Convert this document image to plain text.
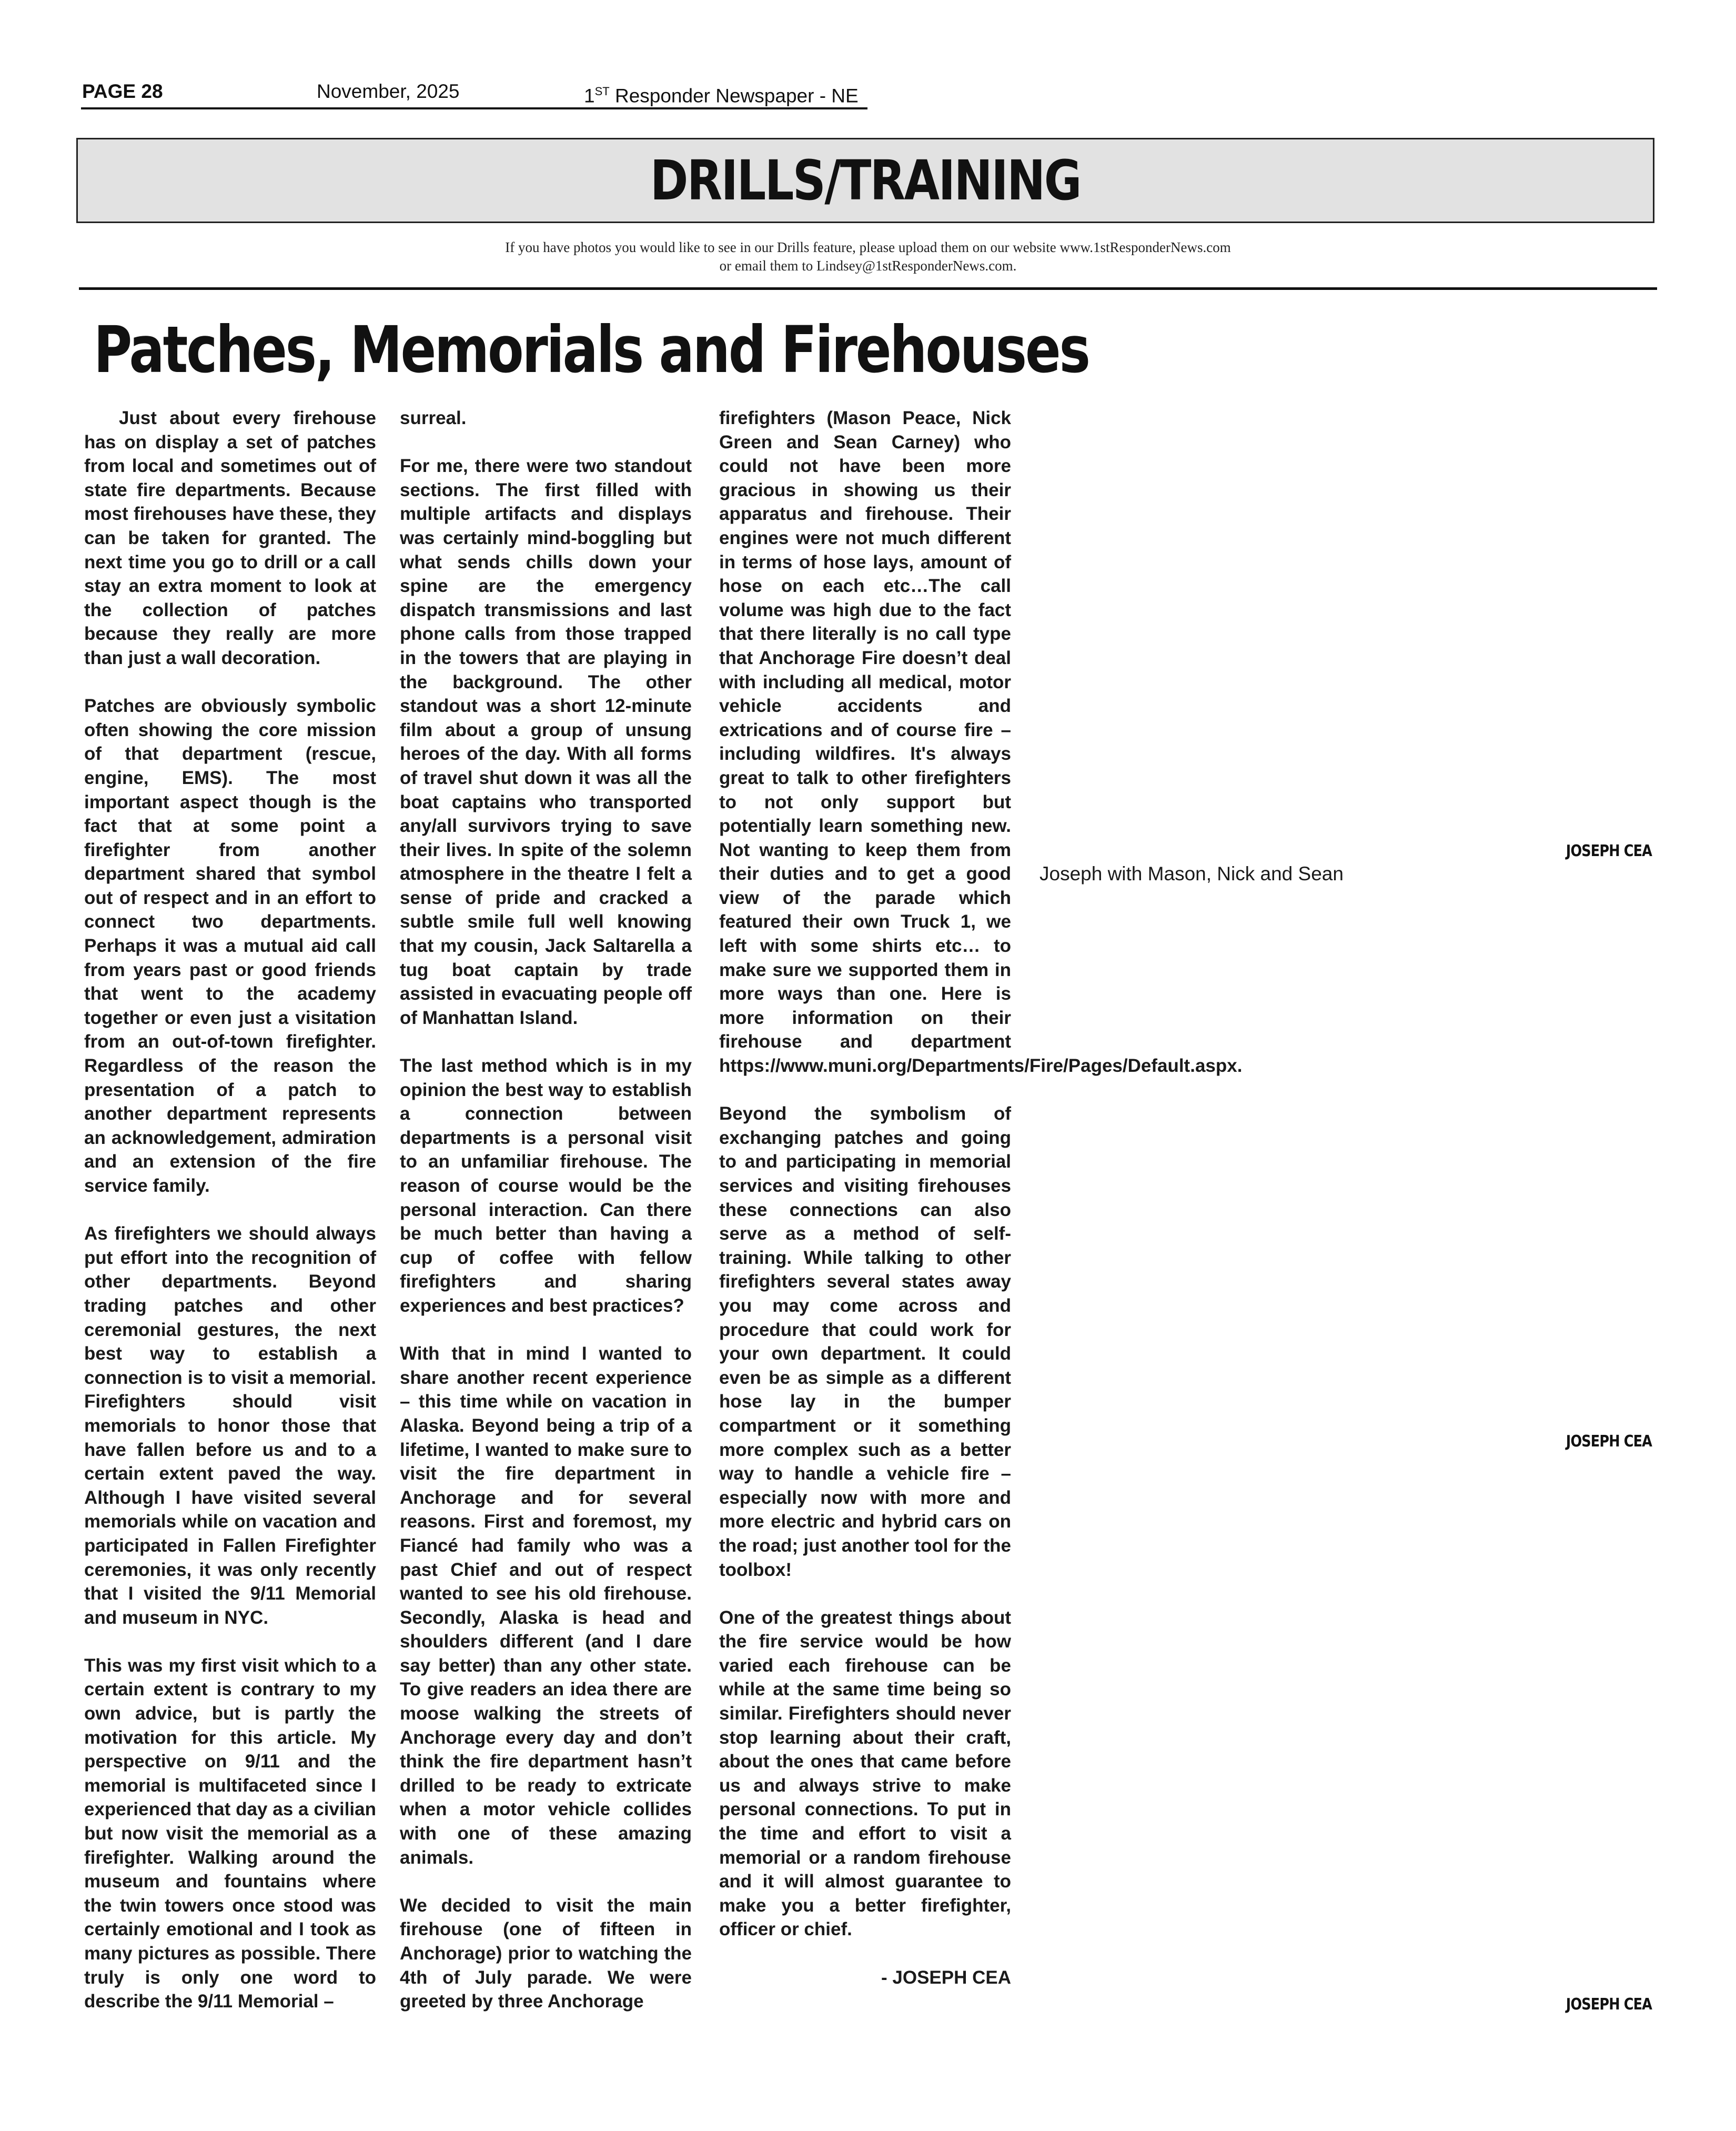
PAGE 28	November, 2025	1ST Responder Newspaper - NE
DRILLS/TRAINING
If you have photos you would like to see in our Drills feature, please upload them on our website www.1stResponderNews.com
or email them to Lindsey@1stResponderNews.com.
Patches, Memorials and Firehouses

Just about every firehouse has on display a set of patches from local and sometimes out of state fire departments. Because most firehouses have these, they can be taken for granted. The next time you go to drill or a call stay an extra moment to look at the collection of patches because they really are more than just a wall decoration.

Patches are obviously symbolic often showing the core mission of that department (rescue, engine, EMS). The most important aspect though is the fact that at some point a firefighter from another department shared that symbol out of respect and in an effort to connect two departments. Perhaps it was a mutual aid call from years past or good friends that went to the academy together or even just a visitation from an out-of-town firefighter. Regardless of the reason the presentation of a patch to another department represents an acknowledgement, admiration and an extension of the fire service family.

As firefighters we should always put effort into the recognition of other departments. Beyond trading patches and other ceremonial gestures, the next best way to establish a connection is to visit a memorial. Firefighters should visit memorials to honor those that have fallen before us and to a certain extent paved the way. Although I have visited several memorials while on vacation and participated in Fallen Firefighter ceremonies, it was only recently that I visited the 9/11 Memorial and museum in NYC.

This was my first visit which to a certain extent is contrary to my own advice, but is partly the motivation for this article. My perspective on 9/11 and the memorial is multifaceted since I experienced that day as a civilian but now visit the memorial as a firefighter. Walking around the museum and fountains where the twin towers once stood was certainly emotional and I took as many pictures as possible. There truly is only one word to describe the 9/11 Memorial –

surreal.

For me, there were two standout sections. The first filled with multiple artifacts and displays was certainly mind-boggling but what sends chills down your spine are the emergency dispatch transmissions and last phone calls from those trapped in the towers that are playing in the background. The other standout was a short 12-minute film about a group of unsung heroes of the day. With all forms of travel shut down it was all the boat captains who transported any/all survivors trying to save their lives. In spite of the solemn atmosphere in the theatre I felt a sense of pride and cracked a subtle smile full well knowing that my cousin, Jack Saltarella a tug boat captain by trade assisted in evacuating people off of Manhattan Island.

The last method which is in my opinion the best way to establish a connection between departments is a personal visit to an unfamiliar firehouse. The reason of course would be the personal interaction. Can there be much better than having a cup of coffee with fellow firefighters and sharing experiences and best practices?

With that in mind I wanted to share another recent experience – this time while on vacation in Alaska. Beyond being a trip of a lifetime, I wanted to make sure to visit the fire department in Anchorage and for several reasons. First and foremost, my Fiancé had family who was a past Chief and out of respect wanted to see his old firehouse. Secondly, Alaska is head and shoulders different (and I dare say better) than any other state. To give readers an idea there are moose walking the streets of Anchorage every day and don’t think the fire department hasn’t drilled to be ready to extricate when a motor vehicle collides with one of these amazing animals.

We decided to visit the main firehouse (one of fifteen in Anchorage) prior to watching the 4th of July parade. We were greeted by three Anchorage

firefighters (Mason Peace, Nick Green and Sean Carney) who could not have been more gracious in showing us their apparatus and firehouse. Their engines were not much different in terms of hose lays, amount of hose on each etc…The call volume was high due to the fact that there literally is no call type that Anchorage Fire doesn’t deal with including all medical, motor vehicle accidents and extrications and of course fire – including wildfires. It's always great to talk to other firefighters to not only support but potentially learn something new. Not wanting to keep them from their duties and to get a good view of the parade which featured their own Truck 1, we left with some shirts etc… to make sure we supported them in more ways than one. Here is more information on their firehouse and department https://www.muni.org/Departments/Fire/Pages/Default.aspx.

Beyond the symbolism of exchanging patches and going to and participating in memorial services and visiting firehouses these connections can also serve as a method of self-training. While talking to other firefighters several states away you may come across and procedure that could work for your own department. It could even be as simple as a different hose lay in the bumper compartment or it something more complex such as a better way to handle a vehicle fire – especially now with more and more electric and hybrid cars on the road; just another tool for the toolbox!

One of the greatest things about the fire service would be how varied each firehouse can be while at the same time being so similar. Firefighters should never stop learning about their craft, about the ones that came before us and always strive to make personal connections. To put in the time and effort to visit a memorial or a random firehouse and it will almost guarantee to make you a better firefighter, officer or chief.

- JOSEPH CEA

JOSEPH CEA
Joseph with Mason, Nick and Sean
JOSEPH CEA
JOSEPH CEA
